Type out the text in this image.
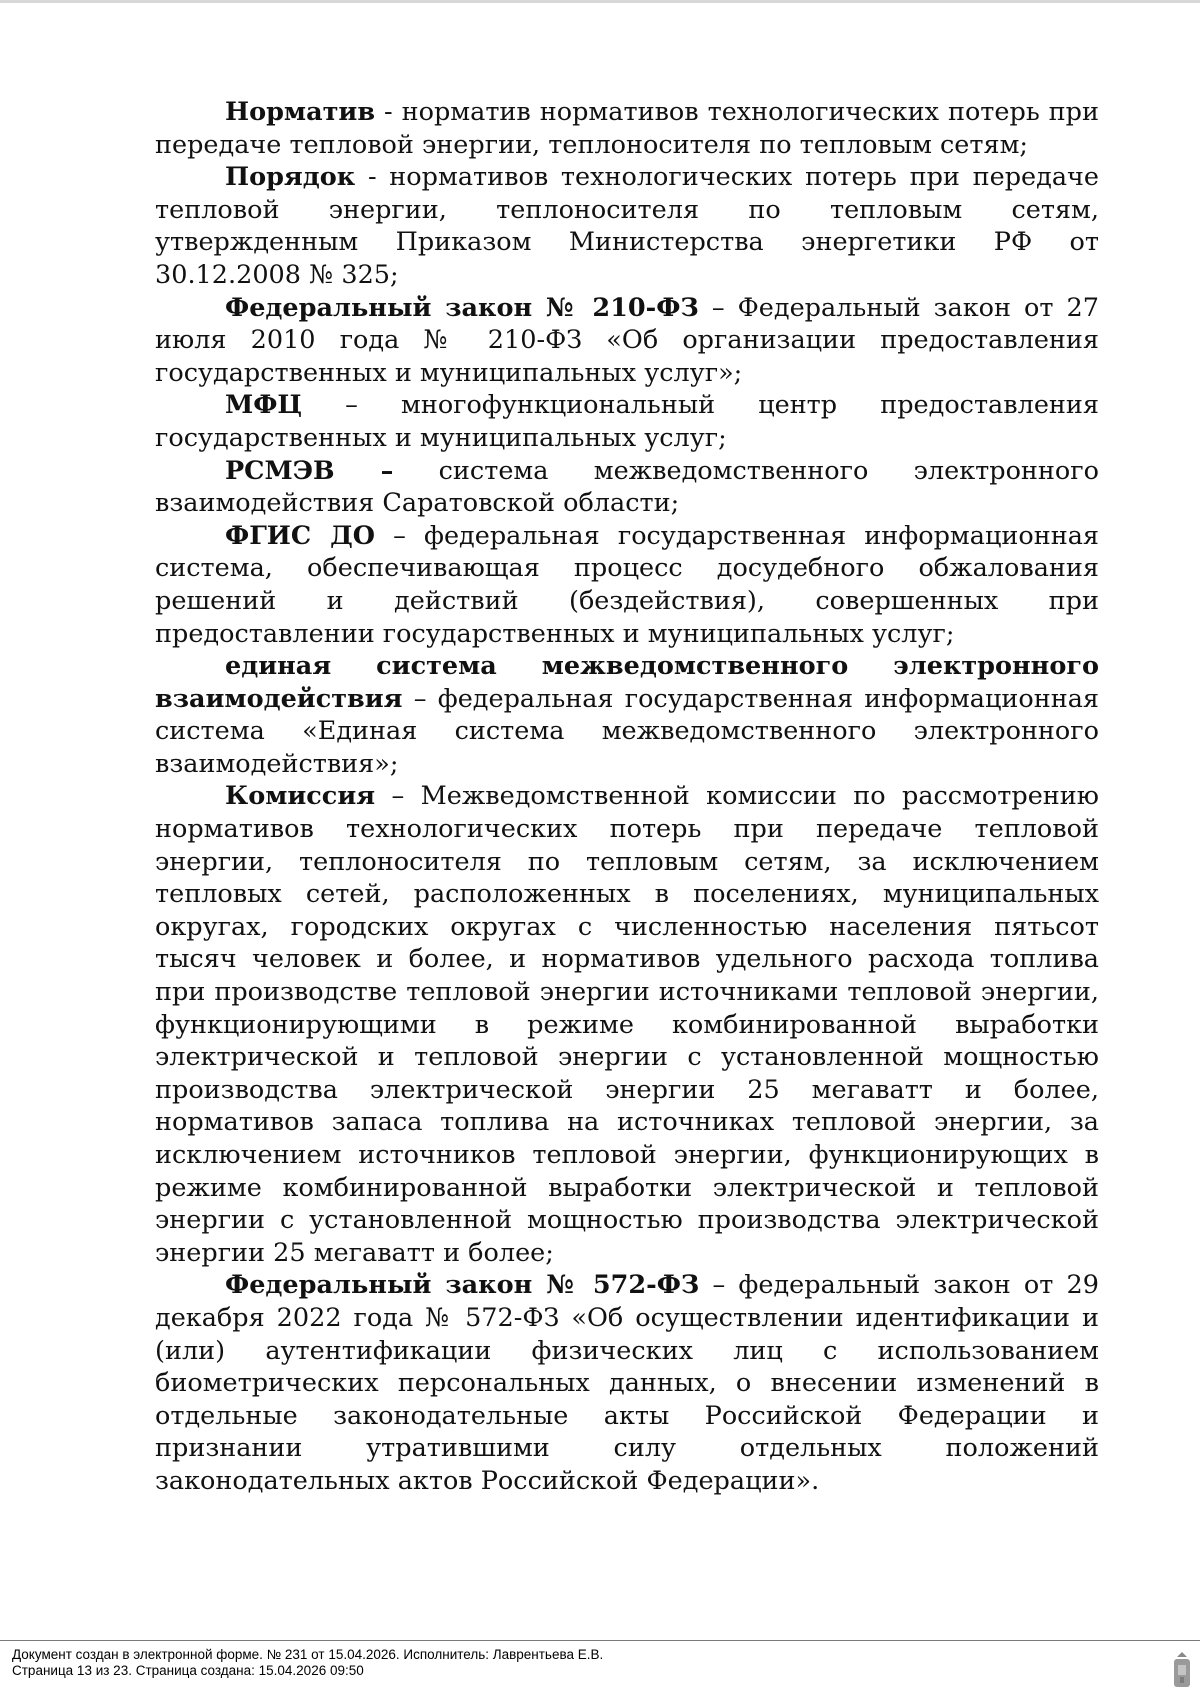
Норматив - норматив нормативов технологических потерь при передаче тепловой энергии, теплоносителя по тепловым сетям;

Порядок - нормативов технологических потерь при передаче тепловой энергии, теплоносителя по тепловым сетям, утвержденным Приказом Министерства энергетики РФ от 30.12.2008 № 325;

Федеральный закон № 210-ФЗ – Федеральный закон от 27 июля 2010 года № 210-ФЗ «Об организации предоставления государственных и муниципальных услуг»;

МФЦ – многофункциональный центр предоставления государственных и муниципальных услуг;

РСМЭВ – система межведомственного электронного взаимодействия Саратовской области;

ФГИС ДО – федеральная государственная информационная система, обеспечивающая процесс досудебного обжалования решений и действий (бездействия), совершенных при предоставлении государственных и муниципальных услуг;

единая система межведомственного электронного взаимодействия – федеральная государственная информационная система «Единая система межведомственного электронного взаимодействия»;

Комиссия – Межведомственной комиссии по рассмотрению нормативов технологических потерь при передаче тепловой энергии, теплоносителя по тепловым сетям, за исключением тепловых сетей, расположенных в поселениях, муниципальных округах, городских округах с численностью населения пятьсот тысяч человек и более, и нормативов удельного расхода топлива при производстве тепловой энергии источниками тепловой энергии, функционирующими в режиме комбинированной выработки электрической и тепловой энергии с установленной мощностью производства электрической энергии 25 мегаватт и более, нормативов запаса топлива на источниках тепловой энергии, за исключением источников тепловой энергии, функционирующих в режиме комбинированной выработки электрической и тепловой энергии с установленной мощностью производства электрической энергии 25 мегаватт и более;

Федеральный закон № 572-ФЗ – федеральный закон от 29 декабря 2022 года № 572-ФЗ «Об осуществлении идентификации и (или) аутентификации физических лиц с использованием биометрических персональных данных, о внесении изменений в отдельные законодательные акты Российской Федерации и признании утратившими силу отдельных положений законодательных актов Российской Федерации».

Документ создан в электронной форме. № 231 от 15.04.2026. Исполнитель: Лаврентьева Е.В.
Страница 13 из 23. Страница создана: 15.04.2026 09:50
